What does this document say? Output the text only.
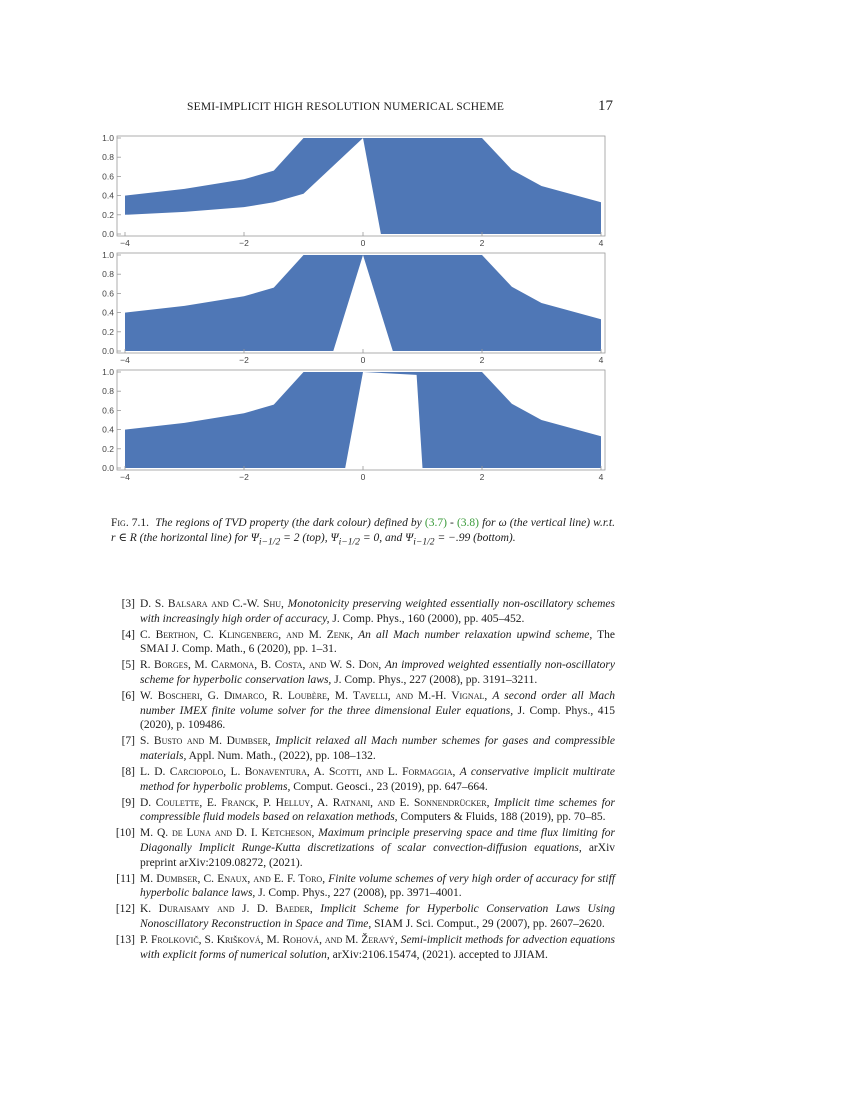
SEMI-IMPLICIT HIGH RESOLUTION NUMERICAL SCHEME	17
0.0
0.2
0.4
0.6
0.8
1.0
−4	−2	0	2	4
0.0
0.2
0.4
0.6
0.8
1.0
−4	−2	0	2	4
0.0
0.2
0.4
0.6
0.8
1.0
−4	−2	0	2	4
Fig. 7.1. The regions of TVD property (the dark colour) defined by (3.7) - (3.8) for ω (the vertical line) w.r.t. r ∈ R (the horizontal line) for $\Psi_{i-1/2} = 2$ (top), $\Psi_{i-1/2} = 0$, and $\Psi_{i-1/2} = -.99$ (bottom).
[3] D. S. Balsara and C.-W. Shu, Monotonicity preserving weighted essentially non-oscillatory schemes with increasingly high order of accuracy, J. Comp. Phys., 160 (2000), pp. 405–452.
[4] C. Berthon, C. Klingenberg, and M. Zenk, An all Mach number relaxation upwind scheme, The SMAI J. Comp. Math., 6 (2020), pp. 1–31.
[5] R. Borges, M. Carmona, B. Costa, and W. S. Don, An improved weighted essentially non-oscillatory scheme for hyperbolic conservation laws, J. Comp. Phys., 227 (2008), pp. 3191–3211.
[6] W. Boscheri, G. Dimarco, R. Loubère, M. Tavelli, and M.-H. Vignal, A second order all Mach number IMEX finite volume solver for the three dimensional Euler equations, J. Comp. Phys., 415 (2020), p. 109486.
[7] S. Busto and M. Dumbser, Implicit relaxed all Mach number schemes for gases and compressible materials, Appl. Num. Math., (2022), pp. 108–132.
[8] L. D. Carciopolo, L. Bonaventura, A. Scotti, and L. Formaggia, A conservative implicit multirate method for hyperbolic problems, Comput. Geosci., 23 (2019), pp. 647–664.
[9] D. Coulette, E. Franck, P. Helluy, A. Ratnani, and E. Sonnendrücker, Implicit time schemes for compressible fluid models based on relaxation methods, Computers & Fluids, 188 (2019), pp. 70–85.
[10] M. Q. de Luna and D. I. Ketcheson, Maximum principle preserving space and time flux limiting for Diagonally Implicit Runge-Kutta discretizations of scalar convection-diffusion equations, arXiv preprint arXiv:2109.08272, (2021).
[11] M. Dumbser, C. Enaux, and E. F. Toro, Finite volume schemes of very high order of accuracy for stiff hyperbolic balance laws, J. Comp. Phys., 227 (2008), pp. 3971–4001.
[12] K. Duraisamy and J. D. Baeder, Implicit Scheme for Hyperbolic Conservation Laws Using Nonoscillatory Reconstruction in Space and Time, SIAM J. Sci. Comput., 29 (2007), pp. 2607–2620.
[13] P. Frolkovič, S. Krišková, M. Rohová, and M. Žeravý, Semi-implicit methods for advection equations with explicit forms of numerical solution, arXiv:2106.15474, (2021). accepted to JJIAM.
